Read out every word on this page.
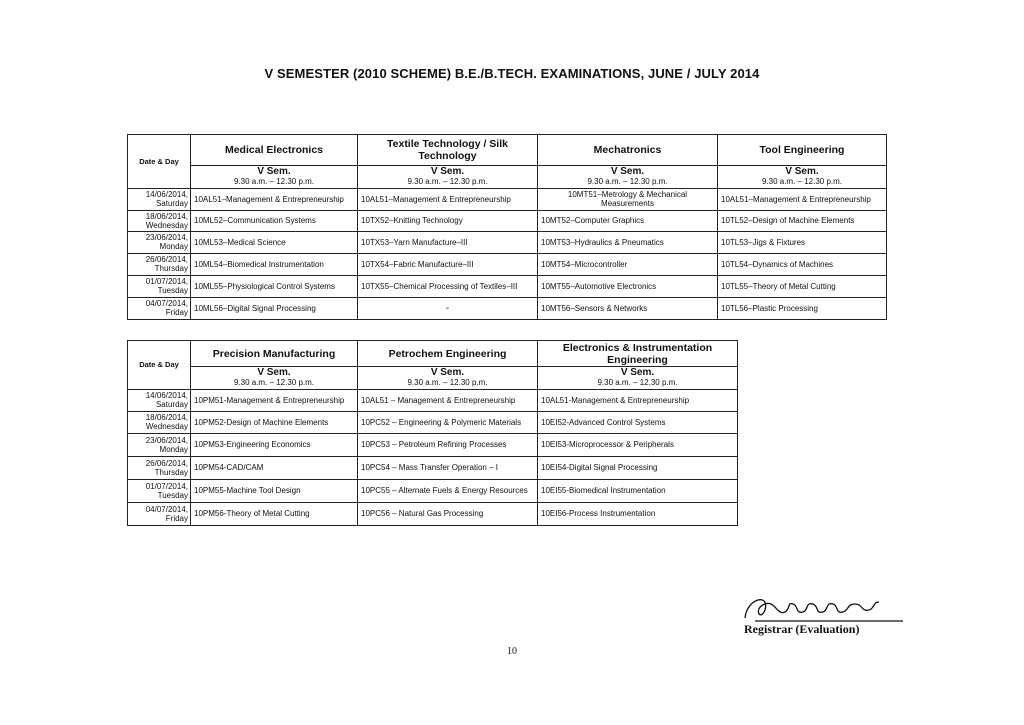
V SEMESTER (2010 SCHEME) B.E./B.TECH. EXAMINATIONS, JUNE / JULY 2014
Date & Day	Medical Electronics	Textile Technology / Silk Technology	Mechatronics	Tool Engineering
	V Sem.	V Sem.	V Sem.	V Sem.
	9.30 a.m. – 12.30 p.m.	9.30 a.m. – 12.30 p.m.	9.30 a.m. – 12.30 p.m.	9.30 a.m. – 12.30 p.m.
14/06/2014,
Saturday	10AL51–Management & Entrepreneurship	10AL51–Management & Entrepreneurship	10MT51–Metrology & Mechanical Measurements	10AL51–Management & Entrepreneurship
18/06/2014,
Wednesday	10ML52–Communication Systems	10TX52–Knitting Technology	10MT52–Computer Graphics	10TL52–Design of Machine Elements
23/06/2014,
Monday	10ML53–Medical Science	10TX53–Yarn Manufacture–III	10MT53–Hydraulics & Pneumatics	10TL53–Jigs & Fixtures
26/06/2014,
Thursday	10ML54–Biomedical Instrumentation	10TX54–Fabric Manufacture–III	10MT54–Microcontroller	10TL54–Dynamics of Machines
01/07/2014,
Tuesday	10ML55–Physiological Control Systems	10TX55–Chemical Processing of Textiles–III	10MT55–Automotive Electronics	10TL55–Theory of Metal Cutting
04/07/2014,
Friday	10ML56–Digital Signal Processing	-	10MT56–Sensors & Networks	10TL56–Plastic Processing
Date & Day	Precision Manufacturing	Petrochem Engineering	Electronics & Instrumentation Engineering
	V Sem.	V Sem.	V Sem.
	9.30 a.m. – 12.30 p.m.	9.30 a.m. – 12.30 p.m.	9.30 a.m. – 12.30 p.m.
14/06/2014,
Saturday	10PM51-Management & Entrepreneurship	10AL51 – Management & Entrepreneurship	10AL51-Management & Entrepreneurship
18/06/2014,
Wednesday	10PM52-Design of Machine Elements	10PC52 – Engineering & Polymeric Materials	10EI52-Advanced Control Systems
23/06/2014,
Monday	10PM53-Engineering Economics	10PC53 – Petroleum Refining Processes	10EI53-Microprocessor & Peripherals
26/06/2014,
Thursday	10PM54-CAD/CAM	10PC54 – Mass Transfer Operation – I	10EI54-Digital Signal Processing
01/07/2014,
Tuesday	10PM55-Machine Tool Design	10PC55 – Alternate Fuels & Energy Resources	10EI55-Biomedical Instrumentation
04/07/2014,
Friday	10PM56-Theory of Metal Cutting	10PC56 – Natural Gas Processing	10EI56-Process Instrumentation
Registrar (Evaluation)
10
